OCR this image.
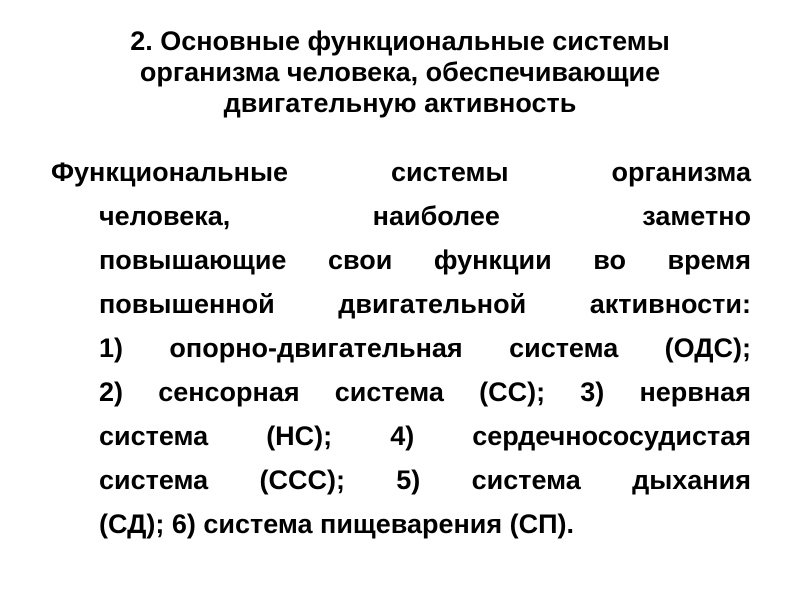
2. Основные функциональные системы
организма человека, обеспечивающие
двигательную активность
Функциональные	системы	организма
человека,	наиболее	заметно
повышающие свои функции во время
повышенной двигательной активности:
1) опорно-двигательная система (ОДС);
2) сенсорная система (СС); 3) нервная
система (НС); 4) сердечнососудистая
система (ССС); 5) система дыхания
(СД); 6) система пищеварения (СП).
